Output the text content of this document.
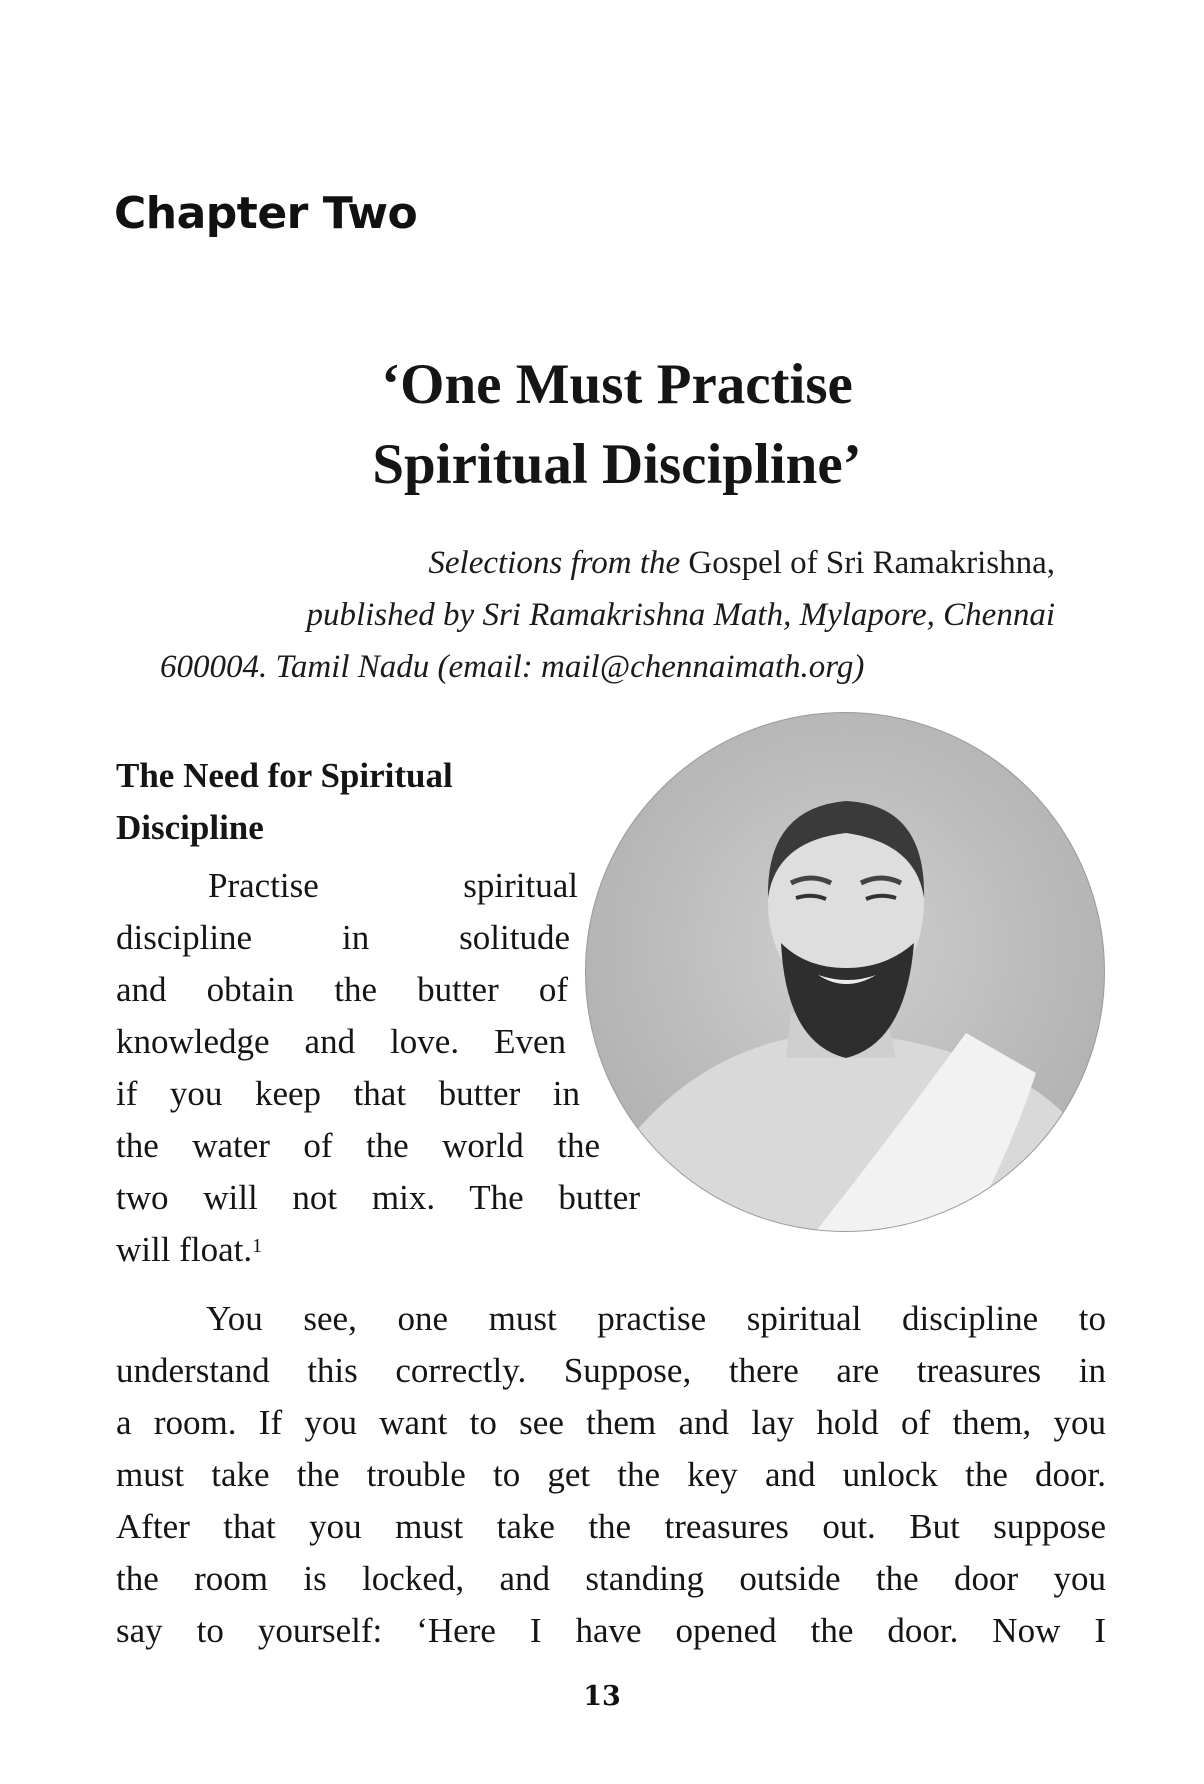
Chapter Two
‘One Must Practise
Spiritual Discipline’
Selections from the Gospel of Sri Ramakrishna,
published by Sri Ramakrishna Math, Mylapore, Chennai
600004. Tamil Nadu (email: mail@chennaimath.org)
The Need for Spiritual
Discipline
Practise spiritual
discipline in solitude
and obtain the butter of
knowledge and love. Even
if you keep that butter in
the water of the world the
two will not mix. The butter
will float.$^1$
You see, one must practise spiritual discipline to
understand this correctly. Suppose, there are treasures in
a room. If you want to see them and lay hold of them, you
must take the trouble to get the key and unlock the door.
After that you must take the treasures out. But suppose
the room is locked, and standing outside the door you
say to yourself: ‘Here I have opened the door. Now I
13
